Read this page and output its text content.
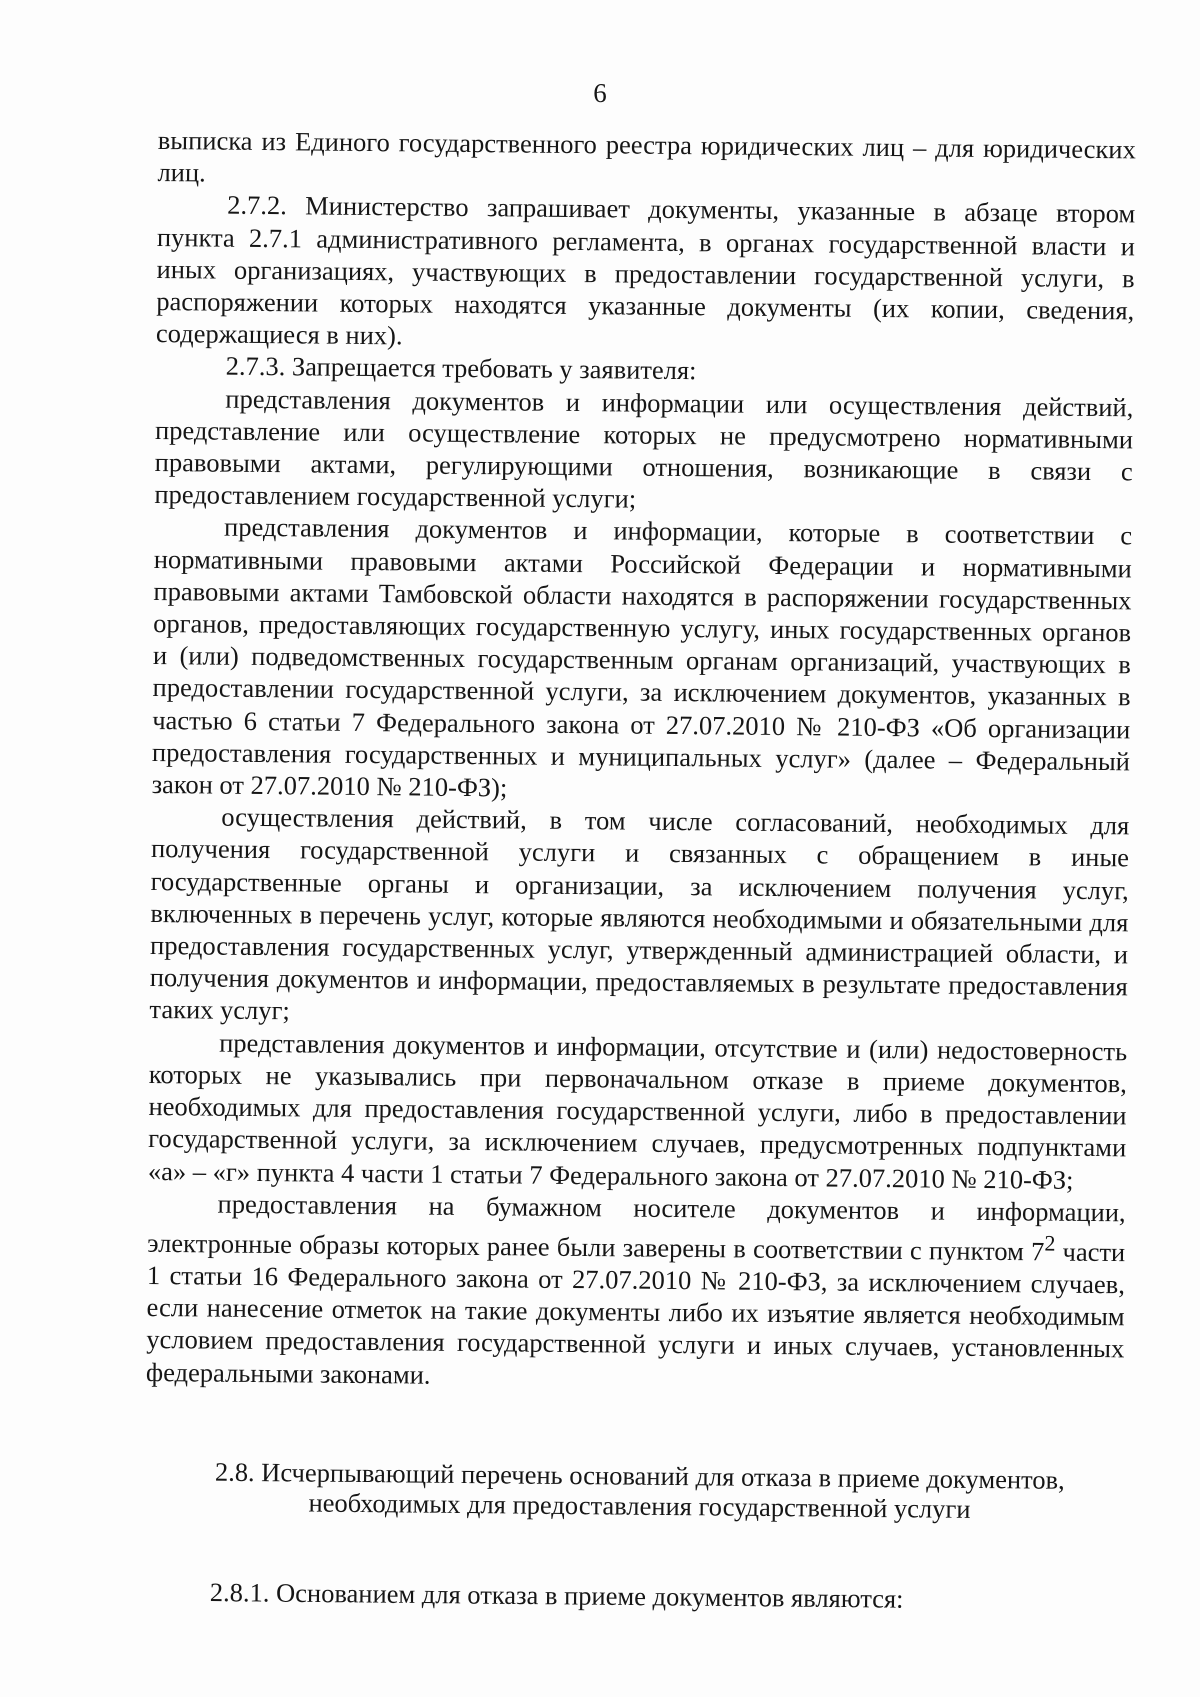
6

выписка из Единого государственного реестра юридических лиц – для юридических лиц.

2.7.2. Министерство запрашивает документы, указанные в абзаце втором пункта 2.7.1 административного регламента, в органах государственной власти и иных организациях, участвующих в предоставлении государственной услуги, в распоряжении которых находятся указанные документы (их копии, сведения, содержащиеся в них).

2.7.3. Запрещается требовать у заявителя:

представления документов и информации или осуществления действий, представление или осуществление которых не предусмотрено нормативными правовыми актами, регулирующими отношения, возникающие в связи с предоставлением государственной услуги;

представления документов и информации, которые в соответствии с нормативными правовыми актами Российской Федерации и нормативными правовыми актами Тамбовской области находятся в распоряжении государственных органов, предоставляющих государственную услугу, иных государственных органов и (или) подведомственных государственным органам организаций, участвующих в предоставлении государственной услуги, за исключением документов, указанных в частью 6 статьи 7 Федерального закона от 27.07.2010 № 210-ФЗ «Об организации предоставления государственных и муниципальных услуг» (далее – Федеральный закон от 27.07.2010 № 210-ФЗ);

осуществления действий, в том числе согласований, необходимых для получения государственной услуги и связанных с обращением в иные государственные органы и организации, за исключением получения услуг, включенных в перечень услуг, которые являются необходимыми и обязательными для предоставления государственных услуг, утвержденный администрацией области, и получения документов и информации, предоставляемых в результате предоставления таких услуг;

представления документов и информации, отсутствие и (или) недостоверность которых не указывались при первоначальном отказе в приеме документов, необходимых для предоставления государственной услуги, либо в предоставлении государственной услуги, за исключением случаев, предусмотренных подпунктами «а» – «г» пункта 4 части 1 статьи 7 Федерального закона от 27.07.2010 № 210-ФЗ;

предоставления на бумажном носителе документов и информации, электронные образы которых ранее были заверены в соответствии с пунктом $7^2$ части 1 статьи 16 Федерального закона от 27.07.2010 № 210-ФЗ, за исключением случаев, если нанесение отметок на такие документы либо их изъятие является необходимым условием предоставления государственной услуги и иных случаев, установленных федеральными законами.

2.8. Исчерпывающий перечень оснований для отказа в приеме документов,
необходимых для предоставления государственной услуги
2.8.1. Основанием для отказа в приеме документов являются:
